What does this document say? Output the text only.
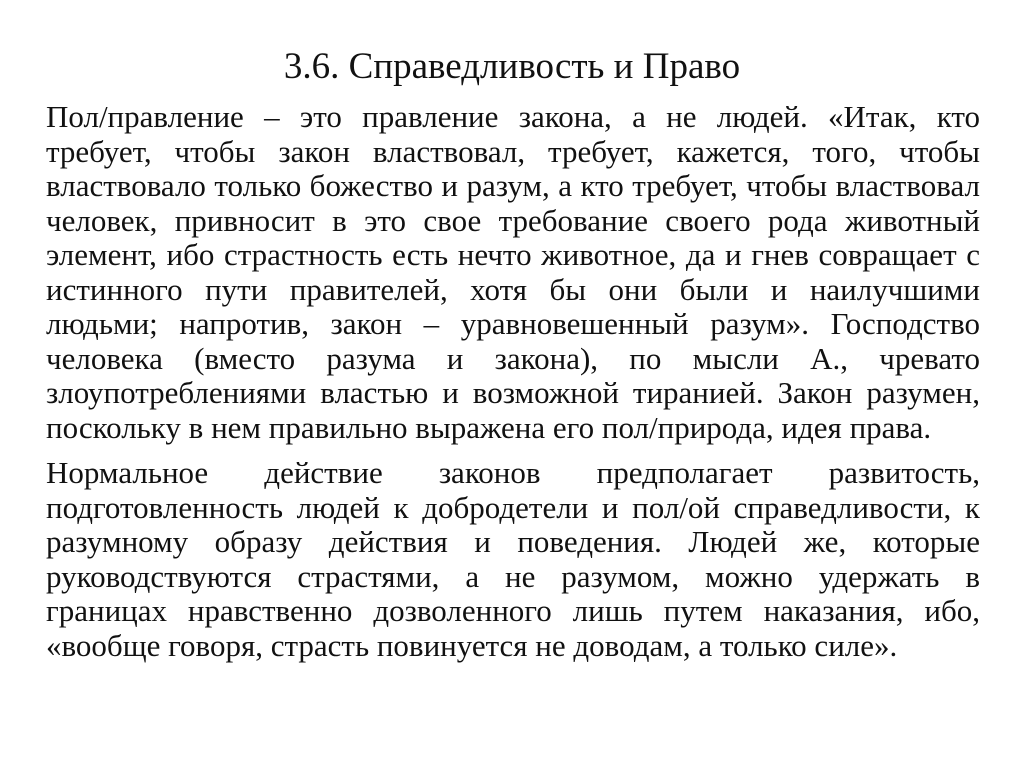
3.6. Справедливость и Право

Пол/правление – это правление закона, а не людей. «Итак, кто требует, чтобы закон властвовал, требует, кажется, того, чтобы властвовало только божество и разум, а кто требует, чтобы властвовал человек, привносит в это свое требование своего рода животный элемент, ибо страстность есть нечто животное, да и гнев совращает с истинного пути правителей, хотя бы они были и наилучшими людьми; напротив, закон – уравновешенный разум». Господство человека (вместо разума и закона), по мысли А., чревато злоупотреблениями властью и возможной тиранией. Закон разумен, поскольку в нем правильно выражена его пол/природа, идея права.

Нормальное действие законов предполагает развитость, подготовленность людей к добродетели и пол/ой справедливости, к разумному образу действия и поведения. Людей же, которые руководствуются страстями, а не разумом, можно удержать в границах нравственно дозволенного лишь путем наказания, ибо, «вообще говоря, страсть повинуется не доводам, а только силе».
